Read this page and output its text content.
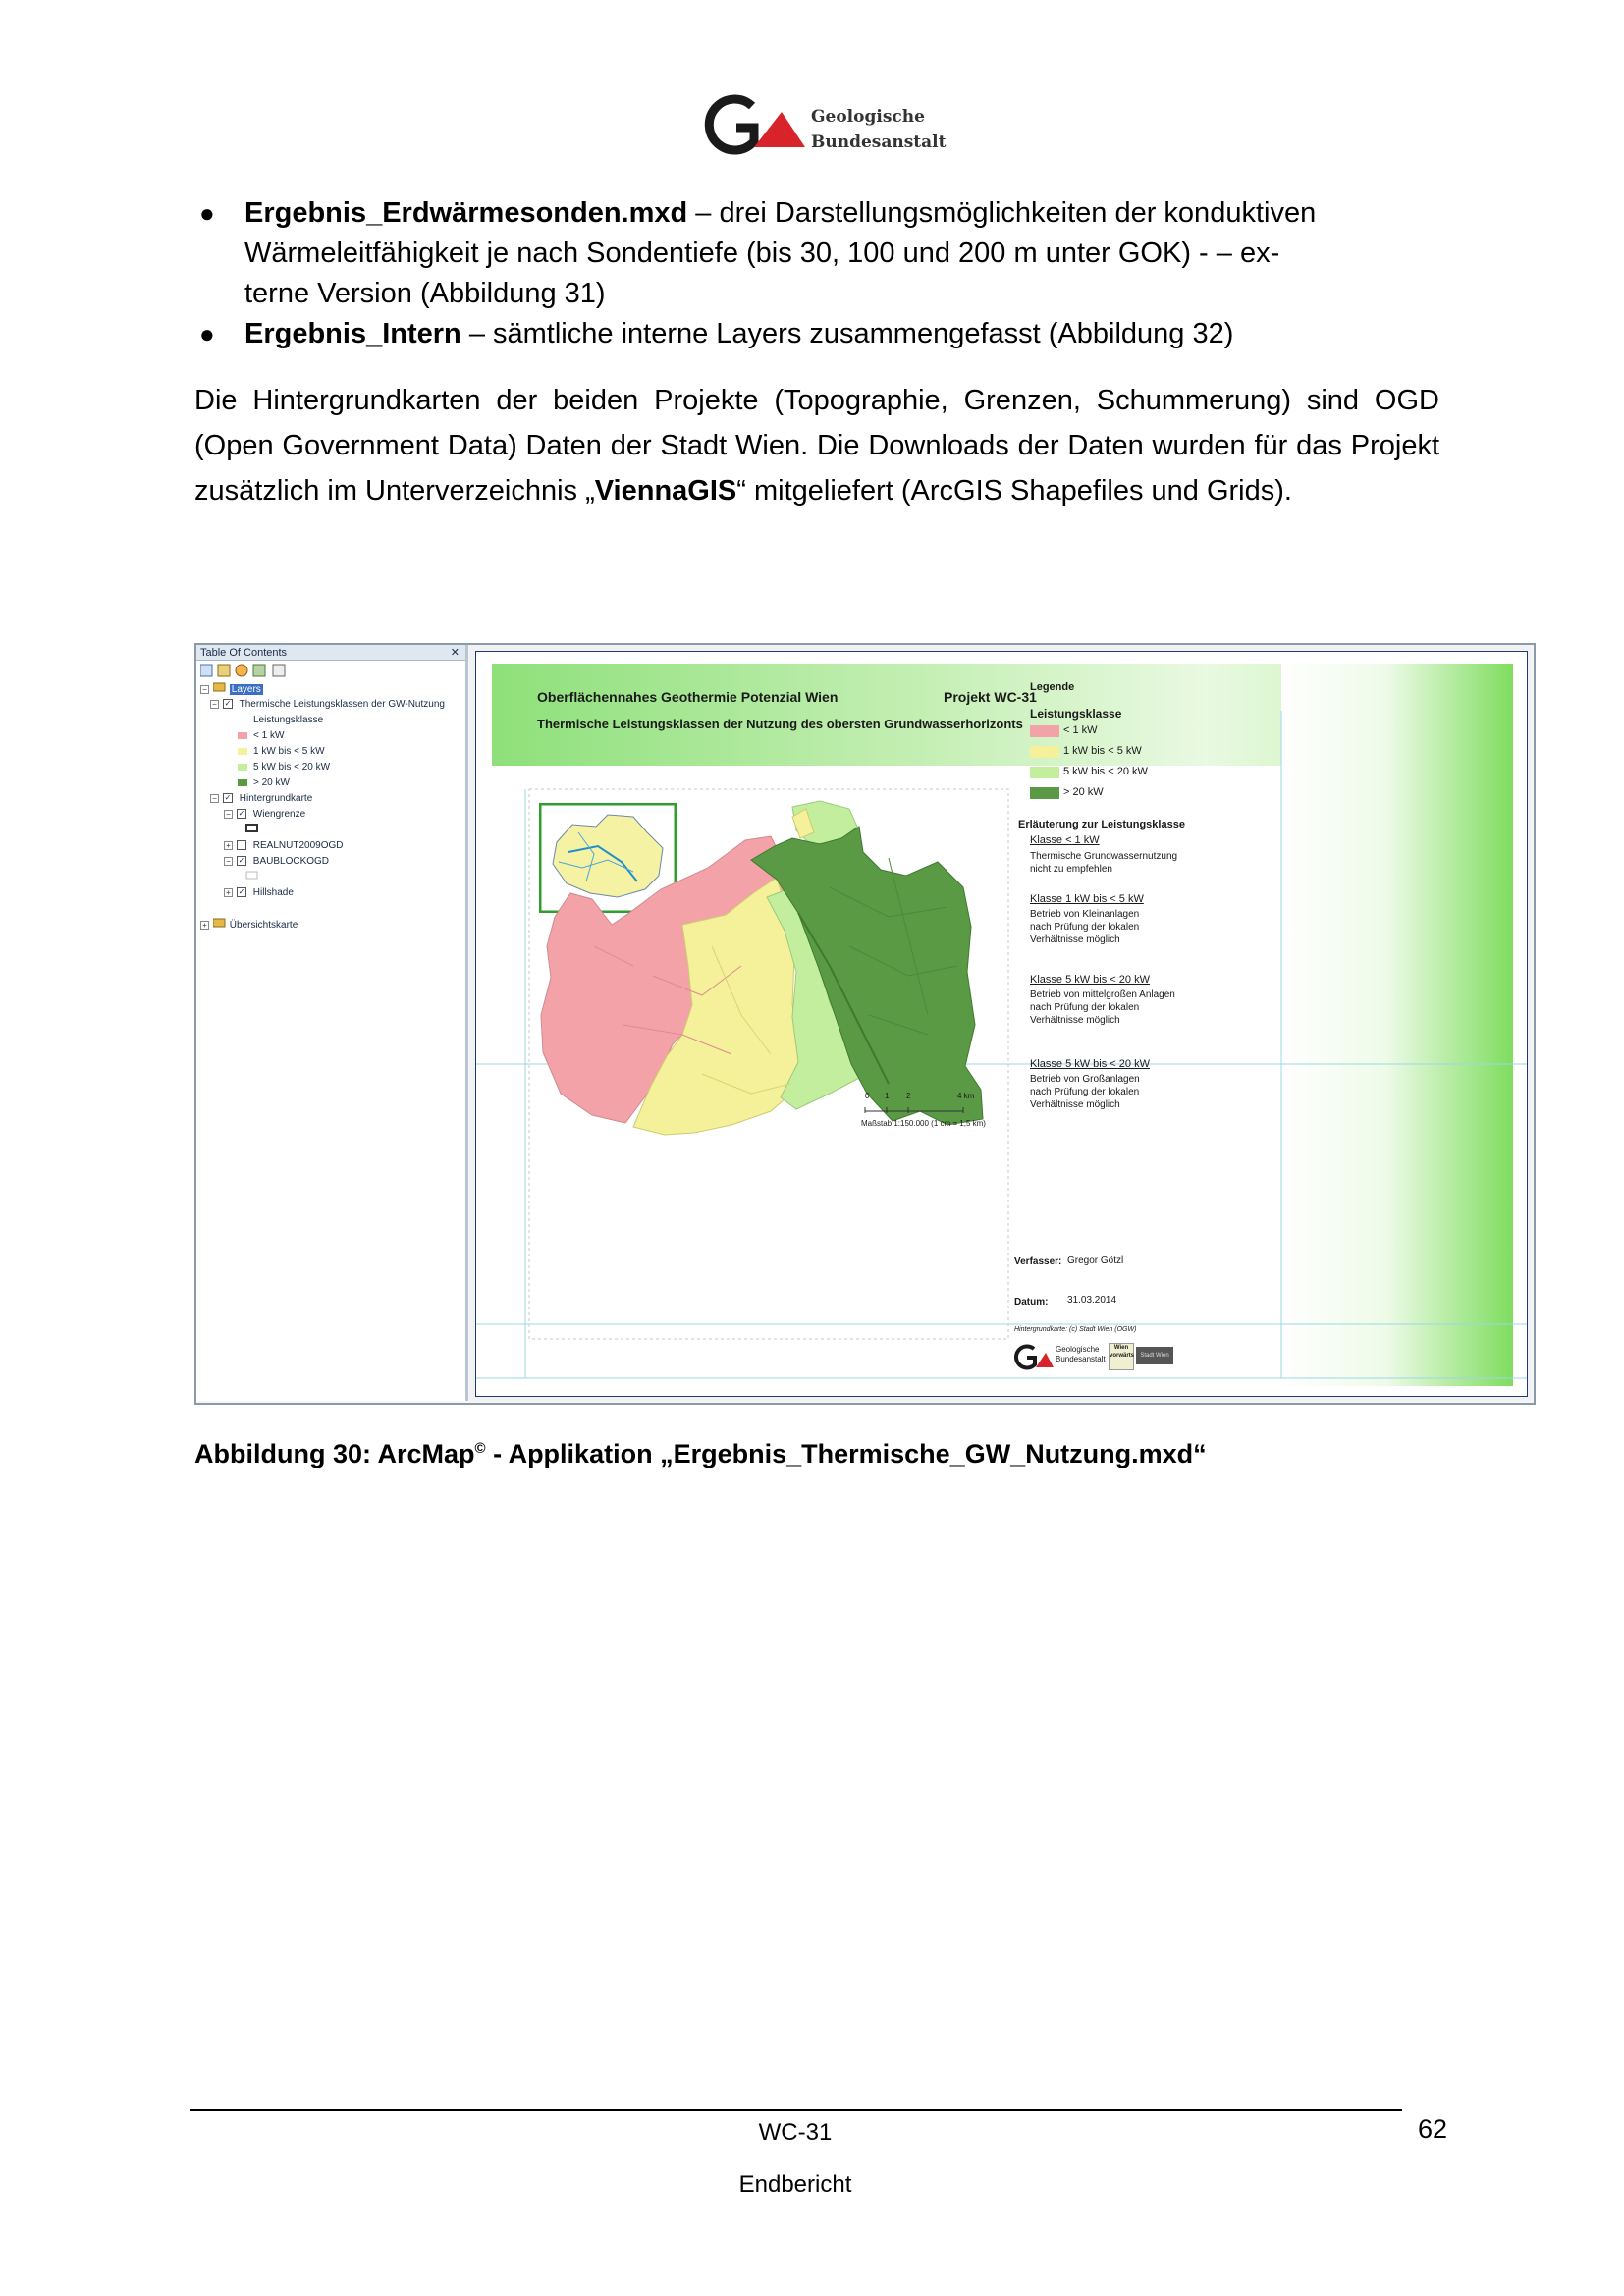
Geologische
Bundesanstalt
● Ergebnis_Erdwärmesonden.mxd – drei Darstellungsmöglichkeiten der konduktiven
Wärmeleitfähigkeit je nach Sondentiefe (bis 30, 100 und 200 m unter GOK) - – ex-
terne Version (Abbildung 31)
● Ergebnis_Intern – sämtliche interne Layers zusammengefasst (Abbildung 32)
Die Hintergrundkarten der beiden Projekte (Topographie, Grenzen, Schummerung) sind OGD (Open Government Data) Daten der Stadt Wien. Die Downloads der Daten wurden für das Projekt zusätzlich im Unterverzeichnis „ViennaGIS“ mitgeliefert (ArcGIS Shapefiles und Grids).
Table Of Contents	✕
− Layers
− ✓ Thermische Leistungsklassen der GW-Nutzung
Leistungsklasse
< 1 kW
1 kW bis < 5 kW
5 kW bis < 20 kW
> 20 kW
− ✓ Hintergrundkarte
− ✓ Wiengrenze
+ REALNUT2009OGD
− ✓ BAUBLOCKOGD
+ ✓ Hillshade
+ Übersichtskarte
Oberflächennahes Geothermie Potenzial Wien	Projekt WC-31
Thermische Leistungsklassen der Nutzung des obersten Grundwasserhorizonts
0 1 2	4 km
Maßstab 1:150.000 (1 cm = 1,5 km)
Legende
Leistungsklasse
< 1 kW
1 kW bis < 5 kW
5 kW bis < 20 kW
> 20 kW
Erläuterung zur Leistungsklasse
Klasse < 1 kW
Thermische Grundwassernutzung
nicht zu empfehlen
Klasse 1 kW bis < 5 kW
Betrieb von Kleinanlagen
nach Prüfung der lokalen
Verhältnisse möglich
Klasse 5 kW bis < 20 kW
Betrieb von mittelgroßen Anlagen
nach Prüfung der lokalen
Verhältnisse möglich
Klasse 5 kW bis < 20 kW
Betrieb von Großanlagen
nach Prüfung der lokalen
Verhältnisse möglich
Verfasser: Gregor Götzl
Datum: 31.03.2014
Hintergrundkarte: (c) Stadt Wien (OGW)
Geologische
Bundesanstalt
Wien vorwärts	Stadt Wien
Abbildung 30: ArcMap© - Applikation „Ergebnis_Thermische_GW_Nutzung.mxd“
WC-31
Endbericht
62
